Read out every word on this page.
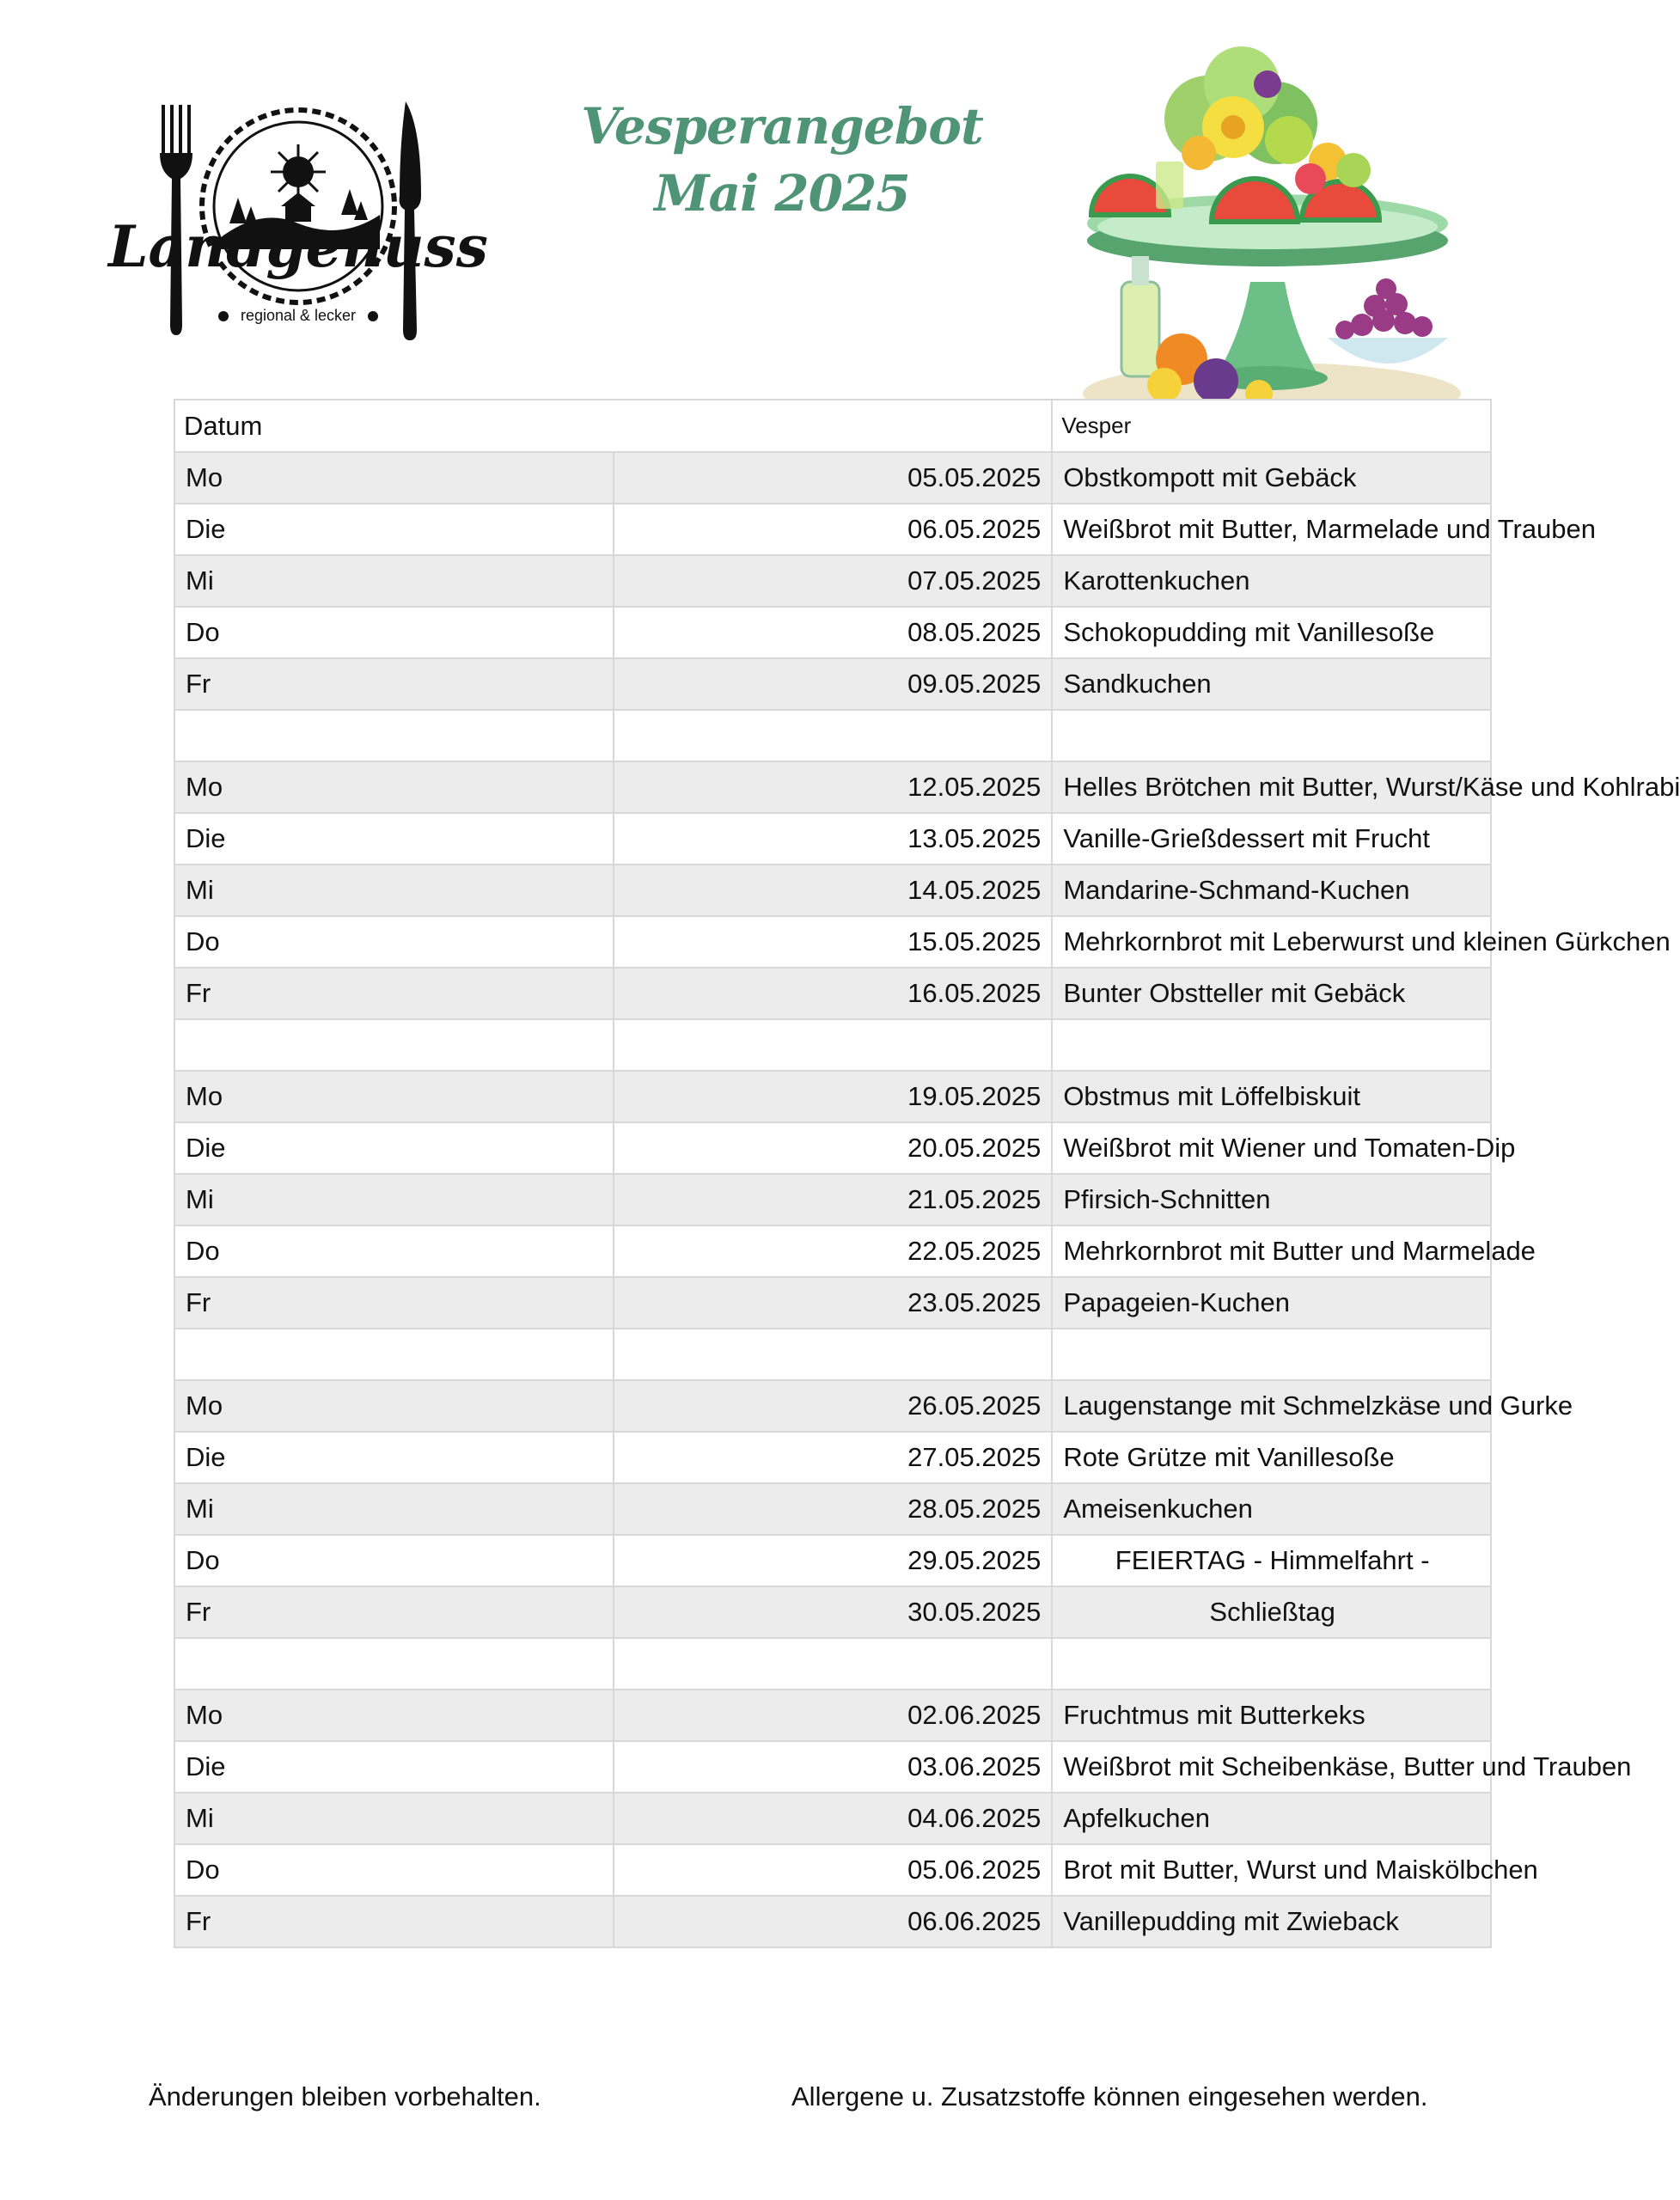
Landgenuss
regional & lecker
Vesperangebot
Mai 2025
Datum		Vesper
Mo	05.05.2025	Obstkompott mit Gebäck
Die	06.05.2025	Weißbrot mit Butter, Marmelade und Trauben
Mi	07.05.2025	Karottenkuchen
Do	08.05.2025	Schokopudding mit Vanillesoße
Fr	09.05.2025	Sandkuchen

Mo	12.05.2025	Helles Brötchen mit Butter, Wurst/Käse und Kohlrabi
Die	13.05.2025	Vanille-Grießdessert mit Frucht
Mi	14.05.2025	Mandarine-Schmand-Kuchen
Do	15.05.2025	Mehrkornbrot mit Leberwurst und kleinen Gürkchen
Fr	16.05.2025	Bunter Obstteller mit Gebäck

Mo	19.05.2025	Obstmus mit Löffelbiskuit
Die	20.05.2025	Weißbrot mit Wiener und Tomaten-Dip
Mi	21.05.2025	Pfirsich-Schnitten
Do	22.05.2025	Mehrkornbrot mit Butter und Marmelade
Fr	23.05.2025	Papageien-Kuchen

Mo	26.05.2025	Laugenstange mit Schmelzkäse und Gurke
Die	27.05.2025	Rote Grütze mit Vanillesoße
Mi	28.05.2025	Ameisenkuchen
Do	29.05.2025	FEIERTAG - Himmelfahrt -
Fr	30.05.2025	Schließtag

Mo	02.06.2025	Fruchtmus mit Butterkeks
Die	03.06.2025	Weißbrot mit Scheibenkäse, Butter und Trauben
Mi	04.06.2025	Apfelkuchen
Do	05.06.2025	Brot mit Butter, Wurst und Maiskölbchen
Fr	06.06.2025	Vanillepudding mit Zwieback
Änderungen bleiben vorbehalten.	Allergene u. Zusatzstoffe können eingesehen werden.
